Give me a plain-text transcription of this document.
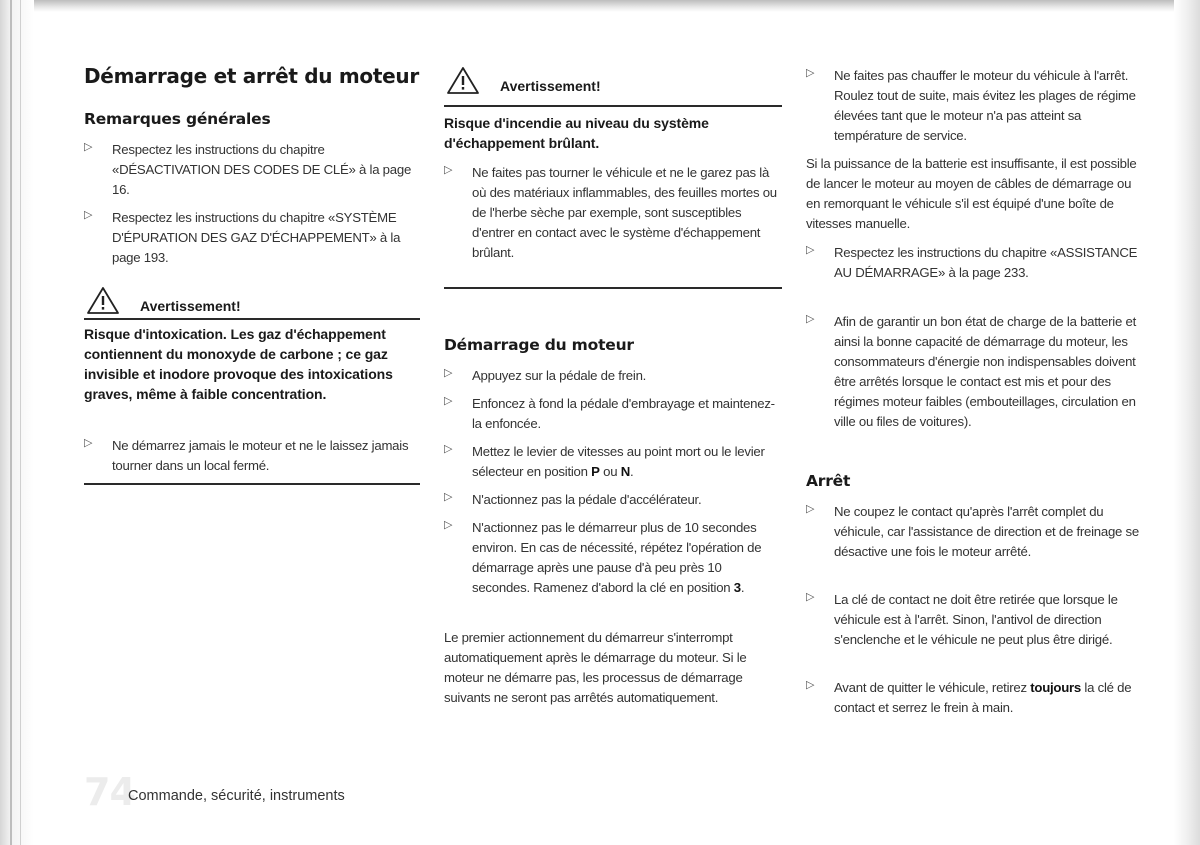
Démarrage et arrêt du moteur
Remarques générales
▷ Respectez les instructions du chapitre «DÉSACTIVATION DES CODES DE CLÉ» à la page 16.
▷ Respectez les instructions du chapitre «SYSTÈME D'ÉPURATION DES GAZ D'ÉCHAPPEMENT» à la page 193.
Avertissement!
Risque d'intoxication. Les gaz d'échappement contiennent du monoxyde de carbone ; ce gaz invisible et inodore provoque des intoxications graves, même à faible concentration.
▷ Ne démarrez jamais le moteur et ne le laissez jamais tourner dans un local fermé.
Avertissement!
Risque d'incendie au niveau du système d'échappement brûlant.
▷ Ne faites pas tourner le véhicule et ne le garez pas là où des matériaux inflammables, des feuilles mortes ou de l'herbe sèche par exemple, sont susceptibles d'entrer en contact avec le système d'échappement brûlant.
Démarrage du moteur
▷ Appuyez sur la pédale de frein.
▷ Enfoncez à fond la pédale d'embrayage et maintenez-la enfoncée.
▷ Mettez le levier de vitesses au point mort ou le levier sélecteur en position P ou N.
▷ N'actionnez pas la pédale d'accélérateur.
▷ N'actionnez pas le démarreur plus de 10 secondes environ. En cas de nécessité, répétez l'opération de démarrage après une pause d'à peu près 10 secondes. Ramenez d'abord la clé en position 3.
Le premier actionnement du démarreur s'interrompt automatiquement après le démarrage du moteur. Si le moteur ne démarre pas, les processus de démarrage suivants ne seront pas arrêtés automatiquement.
▷ Ne faites pas chauffer le moteur du véhicule à l'arrêt. Roulez tout de suite, mais évitez les plages de régime élevées tant que le moteur n'a pas atteint sa température de service.
Si la puissance de la batterie est insuffisante, il est possible de lancer le moteur au moyen de câbles de démarrage ou en remorquant le véhicule s'il est équipé d'une boîte de vitesses manuelle.
▷ Respectez les instructions du chapitre «ASSISTANCE AU DÉMARRAGE» à la page 233.
▷ Afin de garantir un bon état de charge de la batterie et ainsi la bonne capacité de démarrage du moteur, les consommateurs d'énergie non indispensables doivent être arrêtés lorsque le contact est mis et pour des régimes moteur faibles (embouteillages, circulation en ville ou files de voitures).
Arrêt
▷ Ne coupez le contact qu'après l'arrêt complet du véhicule, car l'assistance de direction et de freinage se désactive une fois le moteur arrêté.
▷ La clé de contact ne doit être retirée que lorsque le véhicule est à l'arrêt. Sinon, l'antivol de direction s'enclenche et le véhicule ne peut plus être dirigé.
▷ Avant de quitter le véhicule, retirez toujours la clé de contact et serrez le frein à main.
74
Commande, sécurité, instruments
